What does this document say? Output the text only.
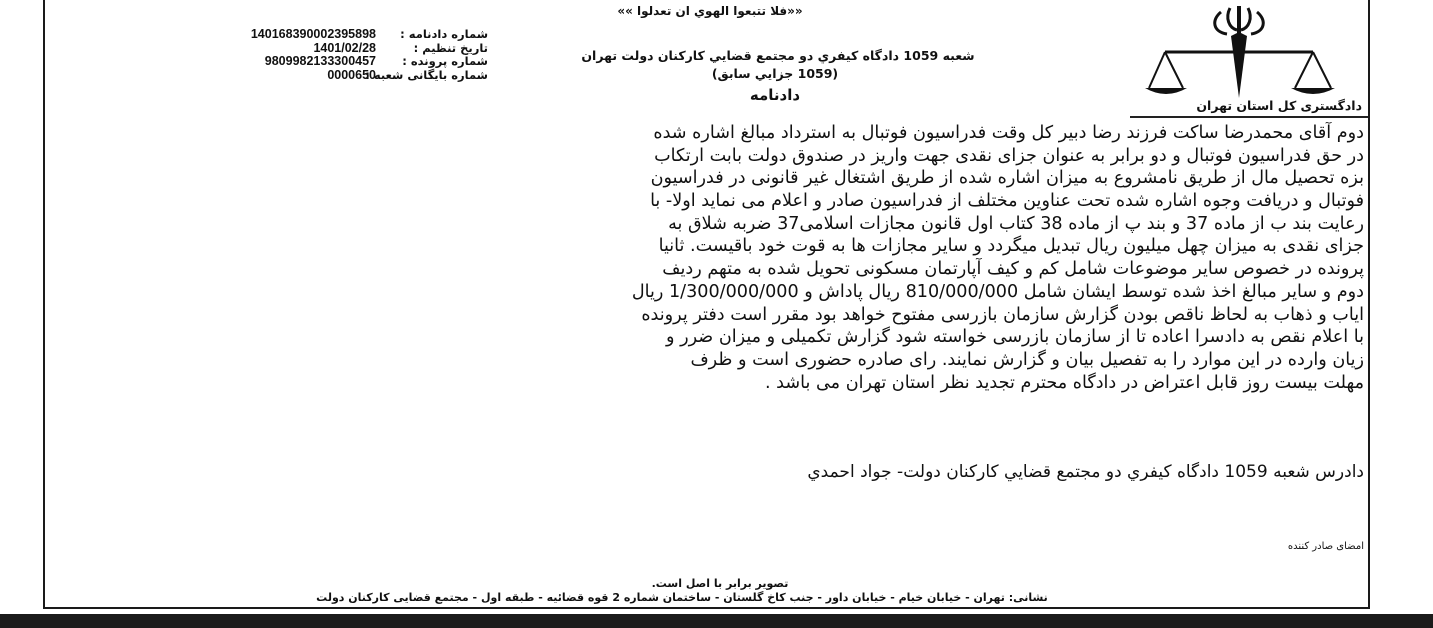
دادگستری کل استان تهران
««فلا تتبعوا الهوي ان تعدلوا »»
140168390002395898
1401/02/28
9809982133300457
0000650
شماره دادنامه :
تاریخ تنظیم :
شماره پرونده :
شماره بایگانی شعبه :
شعبه 1059 دادگاه کيفري دو مجتمع قضايي کارکنان دولت تهران
(1059 جزايي سابق)
دادنامه
دوم آقای محمدرضا ساکت فرزند رضا دبیر کل وقت فدراسیون فوتبال به استرداد مبالغ اشاره شده
در حق فدراسیون فوتبال و دو برابر به عنوان جزای نقدی جهت واریز در صندوق دولت بابت ارتکاب
بزه تحصیل مال از طریق نامشروع به میزان اشاره شده از طریق اشتغال غیر قانونی در فدراسیون
فوتبال و دریافت وجوه اشاره شده تحت عناوین مختلف از فدراسیون صادر و اعلام می نماید اولا- با
رعایت بند ب از ماده 37 و بند پ از ماده 38 کتاب اول قانون مجازات اسلامی37 ضربه شلاق به
جزای نقدی به میزان چهل میلیون ریال تبدیل میگردد و سایر مجازات ها به قوت خود باقیست. ثانیا
پرونده در خصوص سایر موضوعات شامل کم و کیف آپارتمان مسکونی تحویل شده به متهم ردیف
دوم و سایر مبالغ اخذ شده توسط ایشان شامل 810/000/000 ریال پاداش و 1/300/000/000 ریال
ایاب و ذهاب به لحاظ ناقص بودن گزارش سازمان بازرسی مفتوح خواهد بود مقرر است دفتر پرونده
با اعلام نقص به دادسرا اعاده تا از سازمان بازرسی خواسته شود گزارش تکمیلی و میزان ضرر و
زیان وارده در این موارد را به تفصیل بیان و گزارش نمایند. رای صادره حضوری است و ظرف
مهلت بیست روز قابل اعتراض در دادگاه محترم تجدید نظر استان تهران می باشد .
دادرس شعبه 1059 دادگاه کيفري دو مجتمع قضايي کارکنان دولت- جواد احمدي
امضای صادر کننده
تصویر برابر با اصل است.
نشانی: تهران - خیابان خیام - خیابان داور - جنب کاخ گلستان - ساختمان شماره 2 قوه قضائیه - طبقه اول - مجتمع قضایی کارکنان دولت
